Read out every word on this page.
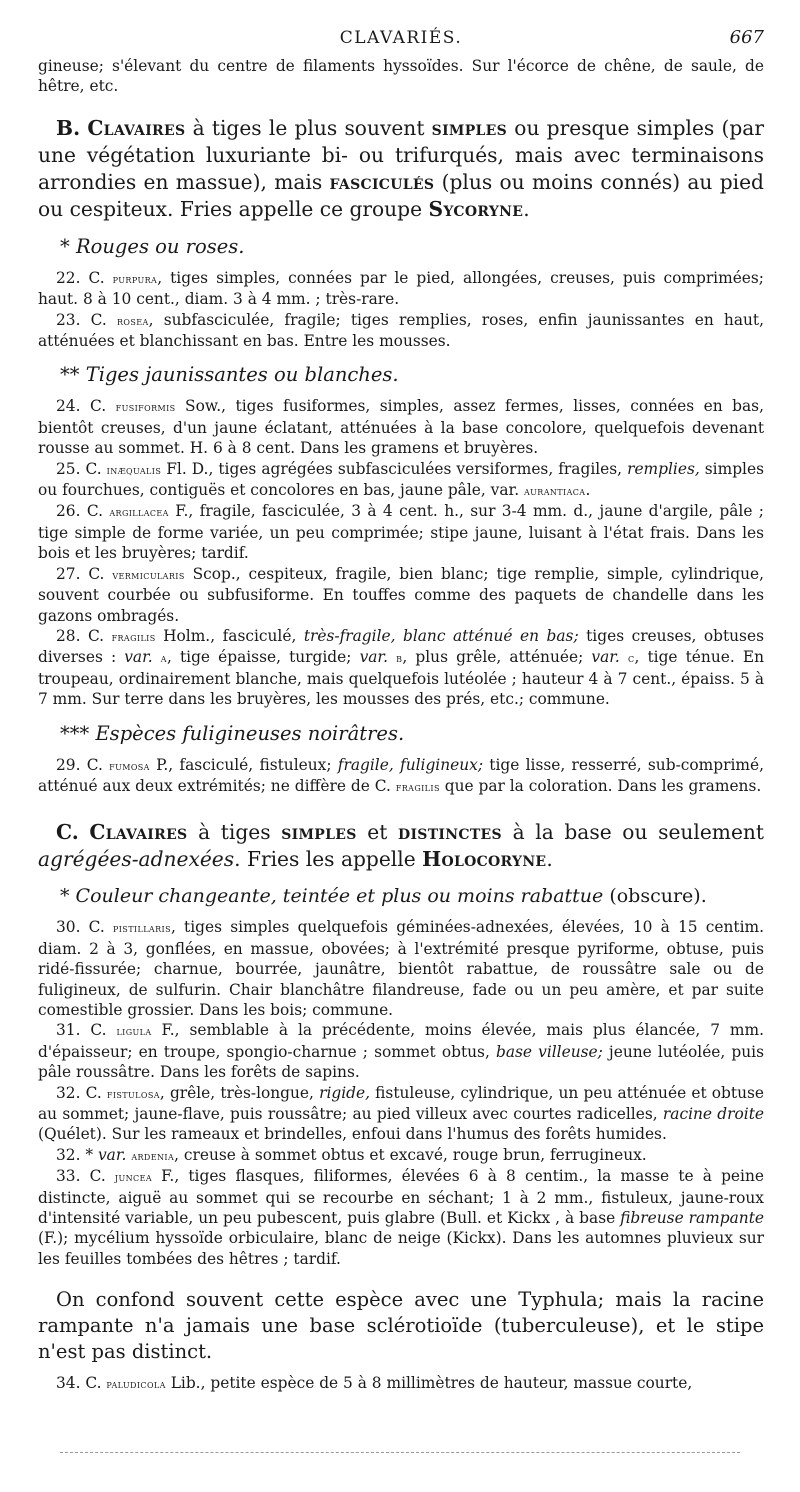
CLAVARIÉS.	667

gineuse; s'élevant du centre de filaments hyssoïdes. Sur l'écorce de chêne, de saule, de hêtre, etc.

B. Clavaires à tiges le plus souvent simples ou presque simples (par une végétation luxuriante bi- ou trifurqués, mais avec terminaisons arrondies en massue), mais fasciculés (plus ou moins connés) au pied ou cespiteux. Fries appelle ce groupe Sycoryne.

* Rouges ou roses.

22. C. purpura, tiges simples, connées par le pied, allongées, creuses, puis comprimées; haut. 8 à 10 cent., diam. 3 à 4 mm. ; très-rare.

23. C. rosea, subfasciculée, fragile; tiges remplies, roses, enfin jaunissantes en haut, atténuées et blanchissant en bas. Entre les mousses.

** Tiges jaunissantes ou blanches.

24. C. fusiformis Sow., tiges fusiformes, simples, assez fermes, lisses, connées en bas, bientôt creuses, d'un jaune éclatant, atténuées à la base concolore, quelquefois devenant rousse au sommet. H. 6 à 8 cent. Dans les gramens et bruyères.

25. C. inæqualis Fl. D., tiges agrégées subfasciculées versiformes, fragiles, remplies, simples ou fourchues, contiguës et concolores en bas, jaune pâle, var. aurantiaca.

26. C. argillacea F., fragile, fasciculée, 3 à 4 cent. h., sur 3-4 mm. d., jaune d'argile, pâle ; tige simple de forme variée, un peu comprimée; stipe jaune, luisant à l'état frais. Dans les bois et les bruyères; tardif.

27. C. vermicularis Scop., cespiteux, fragile, bien blanc; tige remplie, simple, cylindrique, souvent courbée ou subfusiforme. En touffes comme des paquets de chandelle dans les gazons ombragés.

28. C. fragilis Holm., fasciculé, très-fragile, blanc atténué en bas; tiges creuses, obtuses diverses : var. a, tige épaisse, turgide; var. b, plus grêle, atténuée; var. c, tige ténue. En troupeau, ordinairement blanche, mais quelquefois lutéolée ; hauteur 4 à 7 cent., épaiss. 5 à 7 mm. Sur terre dans les bruyères, les mousses des prés, etc.; commune.

*** Espèces fuligineuses noirâtres.

29. C. fumosa P., fasciculé, fistuleux; fragile, fuligineux; tige lisse, resserré, sub-comprimé, atténué aux deux extrémités; ne diffère de C. fragilis que par la coloration. Dans les gramens.

C. Clavaires à tiges simples et distinctes à la base ou seulement agrégées-adnexées. Fries les appelle Holocoryne.

* Couleur changeante, teintée et plus ou moins rabattue (obscure).

30. C. pistillaris, tiges simples quelquefois géminées-adnexées, élevées, 10 à 15 centim. diam. 2 à 3, gonflées, en massue, obovées; à l'extrémité presque pyriforme, obtuse, puis ridé-fissurée; charnue, bourrée, jaunâtre, bientôt rabattue, de roussâtre sale ou de fuligineux, de sulfurin. Chair blanchâtre filandreuse, fade ou un peu amère, et par suite comestible grossier. Dans les bois; commune.

31. C. ligula F., semblable à la précédente, moins élevée, mais plus élancée, 7 mm. d'épaisseur; en troupe, spongio-charnue ; sommet obtus, base villeuse; jeune lutéolée, puis pâle roussâtre. Dans les forêts de sapins.

32. C. fistulosa, grêle, très-longue, rigide, fistuleuse, cylindrique, un peu atténuée et obtuse au sommet; jaune-flave, puis roussâtre; au pied villeux avec courtes radicelles, racine droite (Quélet). Sur les rameaux et brindelles, enfoui dans l'humus des forêts humides.

32. * var. ardenia, creuse à sommet obtus et excavé, rouge brun, ferrugineux.

33. C. juncea F., tiges flasques, filiformes, élevées 6 à 8 centim., la masse te à peine distincte, aiguë au sommet qui se recourbe en séchant; 1 à 2 mm., fistuleux, jaune-roux d'intensité variable, un peu pubescent, puis glabre (Bull. et Kickx , à base fibreuse rampante (F.); mycélium hyssoïde orbiculaire, blanc de neige (Kickx). Dans les automnes pluvieux sur les feuilles tombées des hêtres ; tardif.

On confond souvent cette espèce avec une Typhula; mais la racine rampante n'a jamais une base sclérotioïde (tuberculeuse), et le stipe n'est pas distinct.

34. C. paludicola Lib., petite espèce de 5 à 8 millimètres de hauteur, massue courte,
